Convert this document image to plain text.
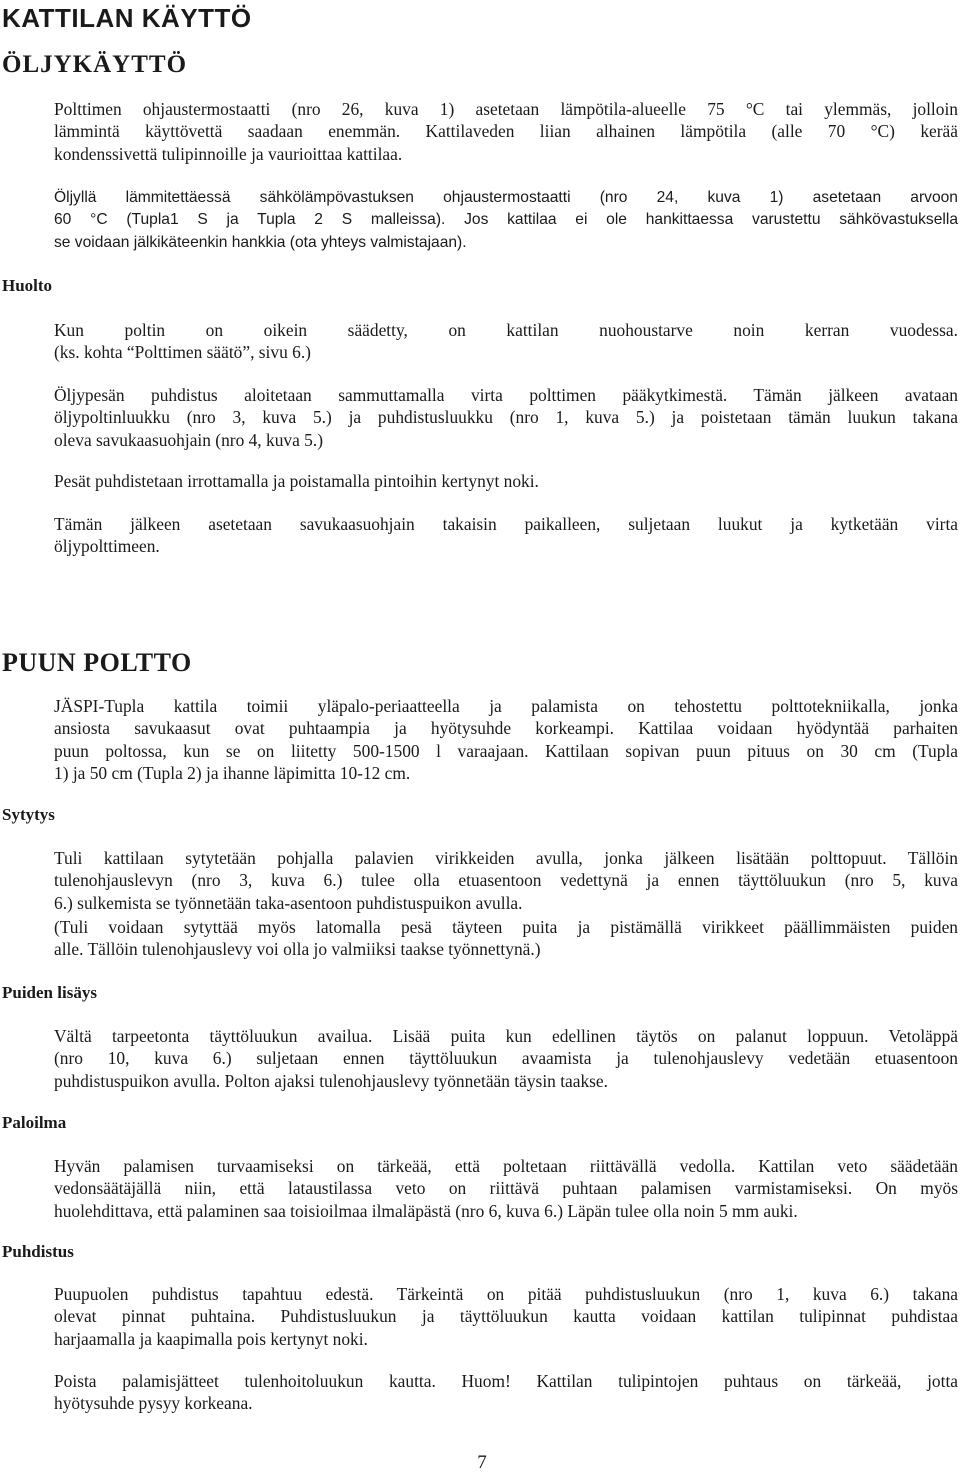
KATTILAN KÄYTTÖ
ÖLJYKÄYTTÖ
Polttimen ohjaustermostaatti (nro 26, kuva 1) asetetaan lämpötila-alueelle 75 °C tai ylemmäs, jolloin
lämmintä käyttövettä saadaan enemmän. Kattilaveden liian alhainen lämpötila (alle 70 °C) kerää
kondenssivettä tulipinnoille ja vaurioittaa kattilaa.
Öljyllä lämmitettäessä sähkölämpövastuksen ohjaustermostaatti (nro 24, kuva 1) asetetaan arvoon
60 °C (Tupla1 S ja Tupla 2 S malleissa). Jos kattilaa ei ole hankittaessa varustettu sähkövastuksella
se voidaan jälkikäteenkin hankkia (ota yhteys valmistajaan).
Huolto
Kun poltin on oikein säädetty, on kattilan nuohoustarve noin kerran vuodessa.
(ks. kohta “Polttimen säätö”, sivu 6.)
Öljypesän puhdistus aloitetaan sammuttamalla virta polttimen pääkytkimestä. Tämän jälkeen avataan
öljypoltinluukku (nro 3, kuva 5.) ja puhdistusluukku (nro 1, kuva 5.) ja poistetaan tämän luukun takana
oleva savukaasuohjain (nro 4, kuva 5.)
Pesät puhdistetaan irrottamalla ja poistamalla pintoihin kertynyt noki.
Tämän jälkeen asetetaan savukaasuohjain takaisin paikalleen, suljetaan luukut ja kytketään virta
öljypolttimeen.
PUUN POLTTO
JÄSPI-Tupla kattila toimii yläpalo-periaatteella ja palamista on tehostettu polttotekniikalla, jonka
ansiosta savukaasut ovat puhtaampia ja hyötysuhde korkeampi. Kattilaa voidaan hyödyntää parhaiten
puun poltossa, kun se on liitetty 500-1500 l varaajaan. Kattilaan sopivan puun pituus on 30 cm (Tupla
1) ja 50 cm (Tupla 2) ja ihanne läpimitta 10-12 cm.
Sytytys
Tuli kattilaan sytytetään pohjalla palavien virikkeiden avulla, jonka jälkeen lisätään polttopuut. Tällöin
tulenohjauslevyn (nro 3, kuva 6.) tulee olla etuasentoon vedettynä ja ennen täyttöluukun (nro 5, kuva
6.) sulkemista se työnnetään taka-asentoon puhdistuspuikon avulla.
(Tuli voidaan sytyttää myös latomalla pesä täyteen puita ja pistämällä virikkeet päällimmäisten puiden
alle. Tällöin tulenohjauslevy voi olla jo valmiiksi taakse työnnettynä.)
Puiden lisäys
Vältä tarpeetonta täyttöluukun availua. Lisää puita kun edellinen täytös on palanut loppuun. Vetoläppä
(nro 10, kuva 6.) suljetaan ennen täyttöluukun avaamista ja tulenohjauslevy vedetään etuasentoon
puhdistuspuikon avulla. Polton ajaksi tulenohjauslevy työnnetään täysin taakse.
Paloilma
Hyvän palamisen turvaamiseksi on tärkeää, että poltetaan riittävällä vedolla. Kattilan veto säädetään
vedonsäätäjällä niin, että lataustilassa veto on riittävä puhtaan palamisen varmistamiseksi. On myös
huolehdittava, että palaminen saa toisioilmaa ilmaläpästä (nro 6, kuva 6.) Läpän tulee olla noin 5 mm auki.
Puhdistus
Puupuolen puhdistus tapahtuu edestä. Tärkeintä on pitää puhdistusluukun (nro 1, kuva 6.) takana
olevat pinnat puhtaina. Puhdistusluukun ja täyttöluukun kautta voidaan kattilan tulipinnat puhdistaa
harjaamalla ja kaapimalla pois kertynyt noki.
Poista palamisjätteet tulenhoitoluukun kautta. Huom! Kattilan tulipintojen puhtaus on tärkeää, jotta
hyötysuhde pysyy korkeana.
7
